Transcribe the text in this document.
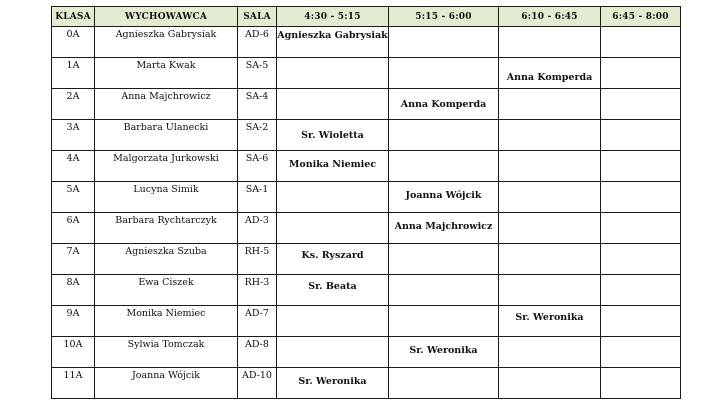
KLASA	WYCHOWAWCA	SALA	4:30 - 5:15	5:15 - 6:00	6:10 - 6:45	6:45 - 8:00
0A	Agnieszka Gabrysiak	AD-6	Agnieszka Gabrysiak			

1A	Marta Kwak	SA-5			Anna Komperda	

2A	Anna Majchrowicz	SA-4		Anna Komperda		

3A	Barbara Ulanecki	SA-2	Sr. Wioletta			

4A	Malgorzata Jurkowski	SA-6	Monika Niemiec			

5A	Lucyna Simik	SA-1		Joanna Wójcik		

6A	Barbara Rychtarczyk	AD-3		Anna Majchrowicz		

7A	Agnieszka Szuba	RH-5	Ks. Ryszard			

8A	Ewa Ciszek	RH-3	Sr. Beata			

9A	Monika Niemiec	AD-7			Sr. Weronika	

10A	Sylwia Tomczak	AD-8		Sr. Weronika		

11A	Joanna Wójcik	AD-10	Sr. Weronika			
